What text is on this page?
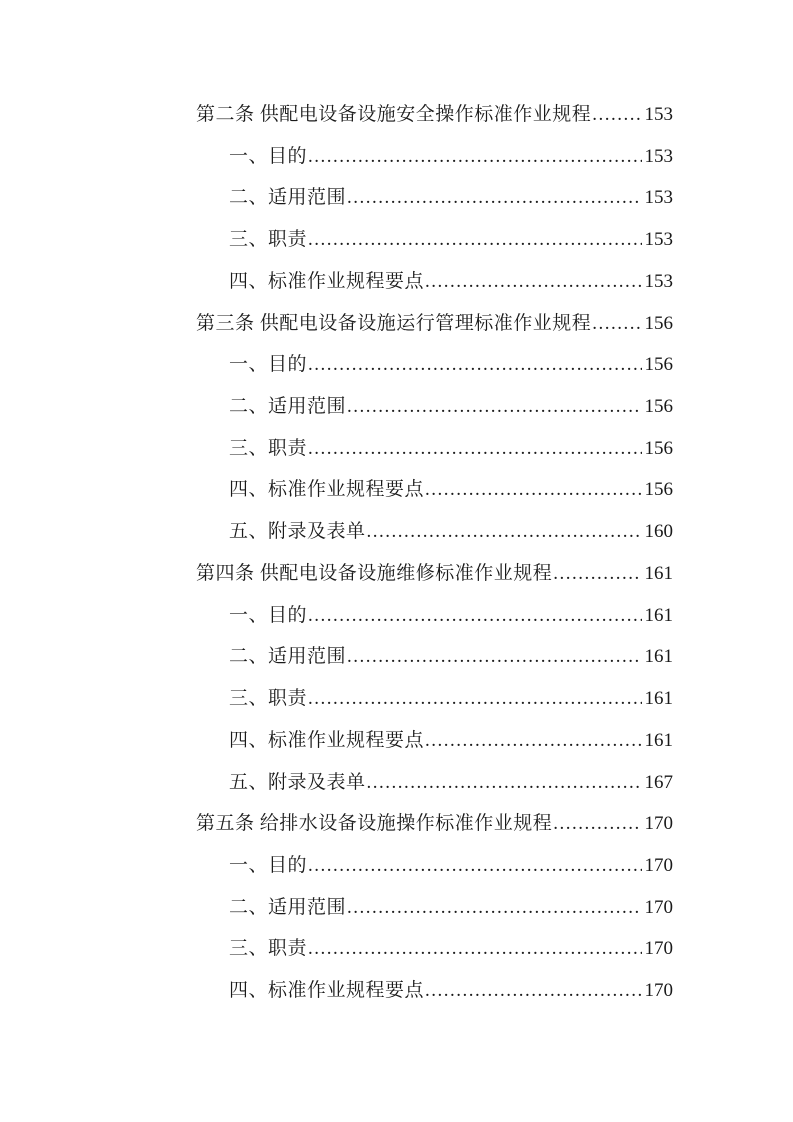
第二条 供配电设备设施安全操作标准作业规程 .....	153
一、目的 .....	153
二、适用范围 .....	153
三、职责 .....	153
四、标准作业规程要点 .....	153
第三条 供配电设备设施运行管理标准作业规程 .....	156
一、目的 .....	156
二、适用范围 .....	156
三、职责 .....	156
四、标准作业规程要点 .....	156
五、附录及表单 .....	160
第四条 供配电设备设施维修标准作业规程 .....	161
一、目的 .....	161
二、适用范围 .....	161
三、职责 .....	161
四、标准作业规程要点 .....	161
五、附录及表单 .....	167
第五条 给排水设备设施操作标准作业规程 .....	170
一、目的 .....	170
二、适用范围 .....	170
三、职责 .....	170
四、标准作业规程要点 .....	170
